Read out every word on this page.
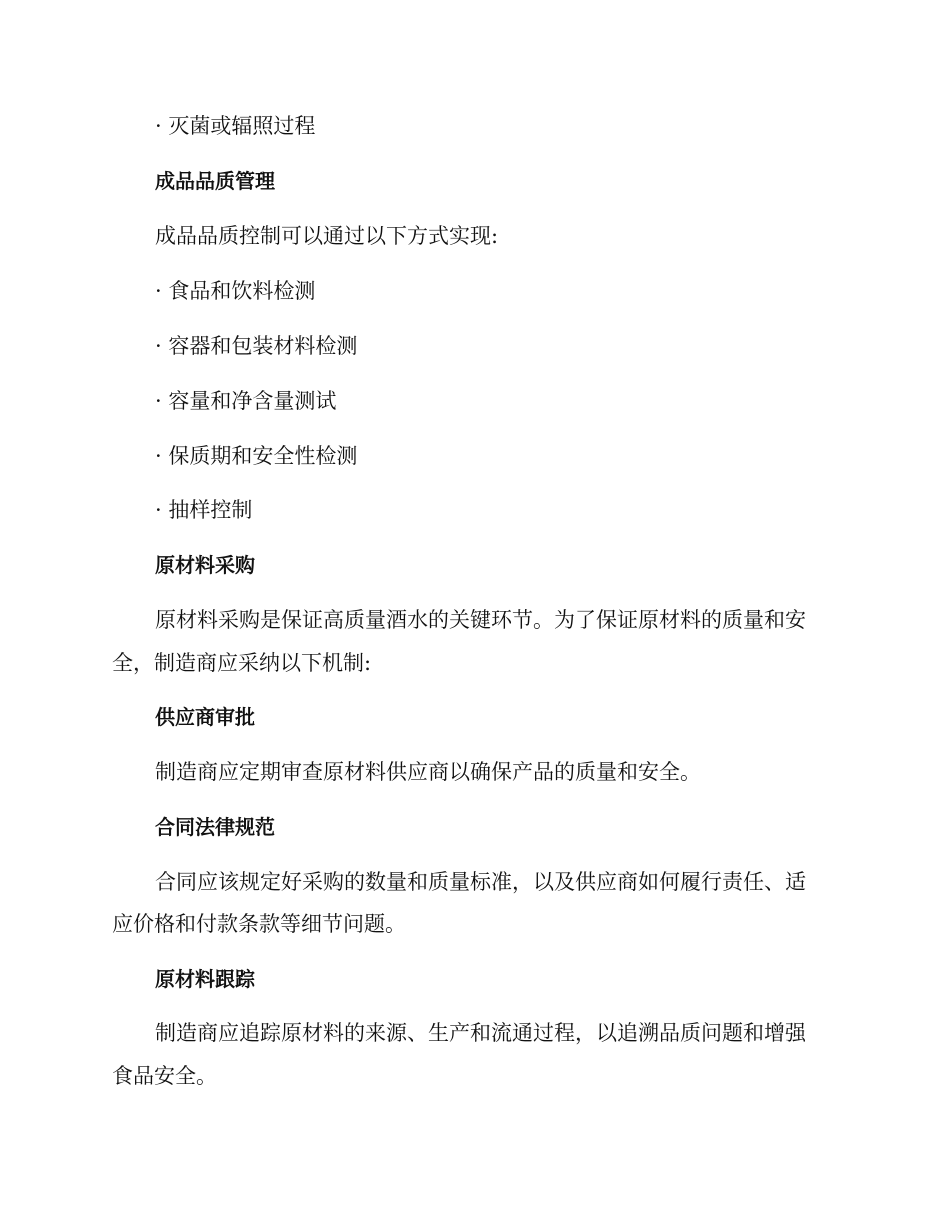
· 灭菌或辐照过程
成品品质管理
成品品质控制可以通过以下方式实现:
· 食品和饮料检测
· 容器和包装材料检测
· 容量和净含量测试
· 保质期和安全性检测
· 抽样控制
原材料采购
原材料采购是保证高质量酒水的关键环节。为了保证原材料的质量和安
全，制造商应采纳以下机制:
供应商审批
制造商应定期审查原材料供应商以确保产品的质量和安全。
合同法律规范
合同应该规定好采购的数量和质量标准，以及供应商如何履行责任、适
应价格和付款条款等细节问题。
原材料跟踪
制造商应追踪原材料的来源、生产和流通过程，以追溯品质问题和增强
食品安全。
